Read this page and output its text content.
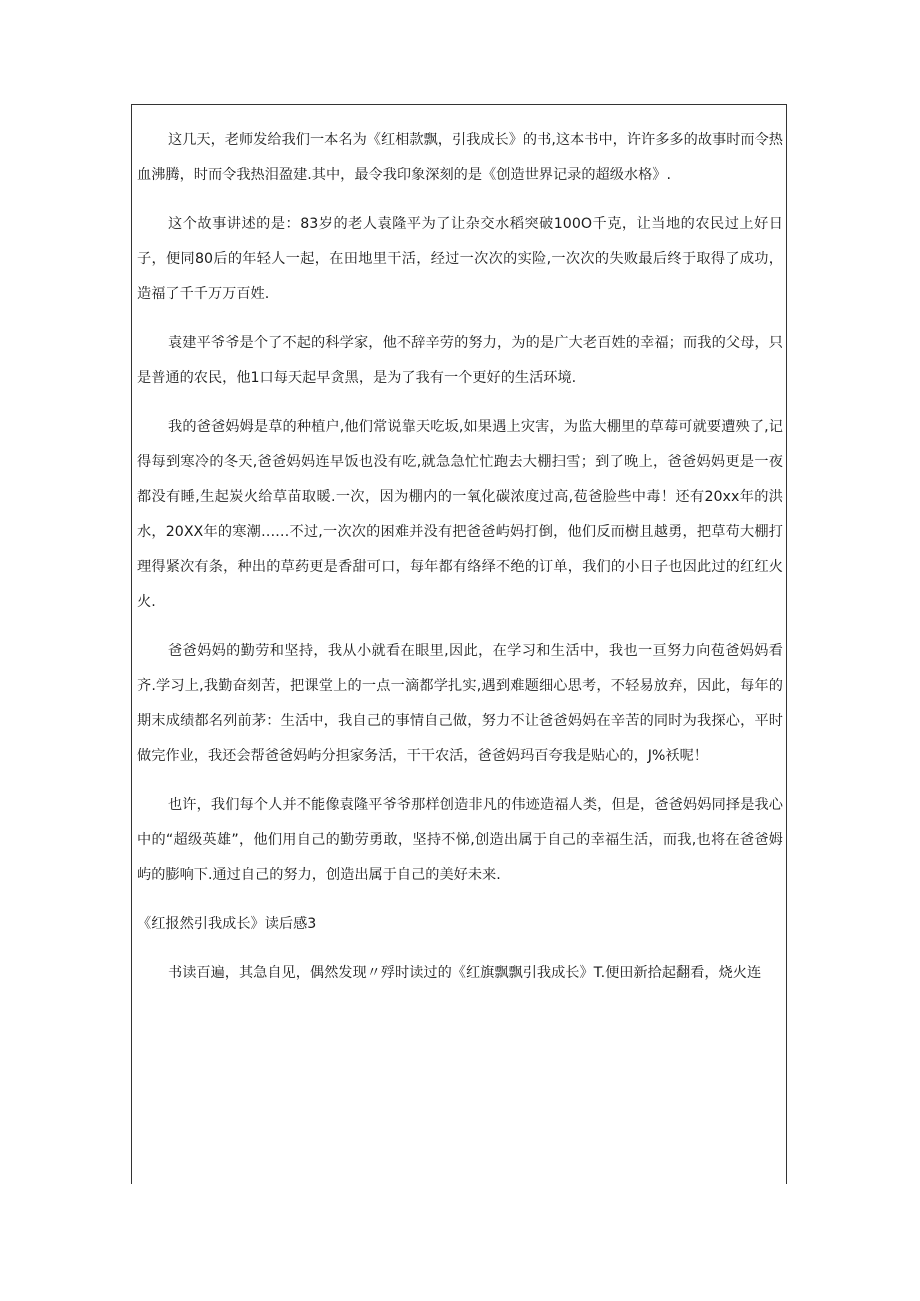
这几天，老师发给我们一本名为《红相款飘，引我成长》的书,这本书中，许许多多的故事时而令热血沸腾，时而令我热泪盈建.其中，最令我印象深刻的是《创造世界记录的超级水格》.

这个故事讲述的是：83岁的老人袁隆平为了让杂交水稻突破100O千克，让当地的农民过上好日子，便同80后的年轻人一起，在田地里干活，经过一次次的实险,一次次的失败最后终于取得了成功，造福了千千万万百姓.

袁建平爷爷是个了不起的科学家，他不辞辛劳的努力，为的是广大老百姓的幸福；而我的父母，只是普通的农民，他1口每天起早贪黑，是为了我有一个更好的生活环境.

我的爸爸妈姆是草的种植户,他们常说靠天吃坂,如果遇上灾害，为监大棚里的草莓可就要遭殃了,记得每到寒冷的冬天,爸爸妈妈连早饭也没有吃,就急急忙忙跑去大棚扫雪；到了晚上，爸爸妈妈更是一夜都没有睡,生起炭火给草苗取暖.一次，因为棚内的一氧化碳浓度过高,苞爸脸些中毒！还有20xx年的洪水，20XX年的寒潮……不过,一次次的困难并没有把爸爸屿妈打倒，他们反而樹且越勇，把草苟大棚打理得紧次有条，种出的草药更是香甜可口，每年都有络绎不绝的订单，我们的小日子也因此过的红红火火.

爸爸妈妈的勤劳和坚持，我从小就看在眼里,因此，在学习和生活中，我也一亘努力向苞爸妈妈看齐.学习上,我勤奋刻苦，把课堂上的一点一滴都学扎实,遇到难题细心思考，不轻易放弃，因此，每年的期末成绩都名列前茅：生活中，我自己的事情自己做，努力不让爸爸妈妈在辛苦的同时为我探心，平时做完作业，我还会帮爸爸妈屿分担家务活，干干农活，爸爸妈玛百夸我是贴心的，J%袄呢！

也许，我们每个人并不能像袁隆平爷爷那样创造非凡的伟迹造福人类，但是，爸爸妈妈同择是我心中的“超级英雄”，他们用自己的勤劳勇敢，坚持不悌,创造出属于自己的幸福生活，而我,也将在爸爸姆屿的膨响下.通过自己的努力，创造出属于自己的美好未来.

《红报然引我成长》读后感3

书读百遍，其急自见，偶然发现〃殍时读过的《红旗飘飘引我成长》T.便田新拾起翻看，烧火连
